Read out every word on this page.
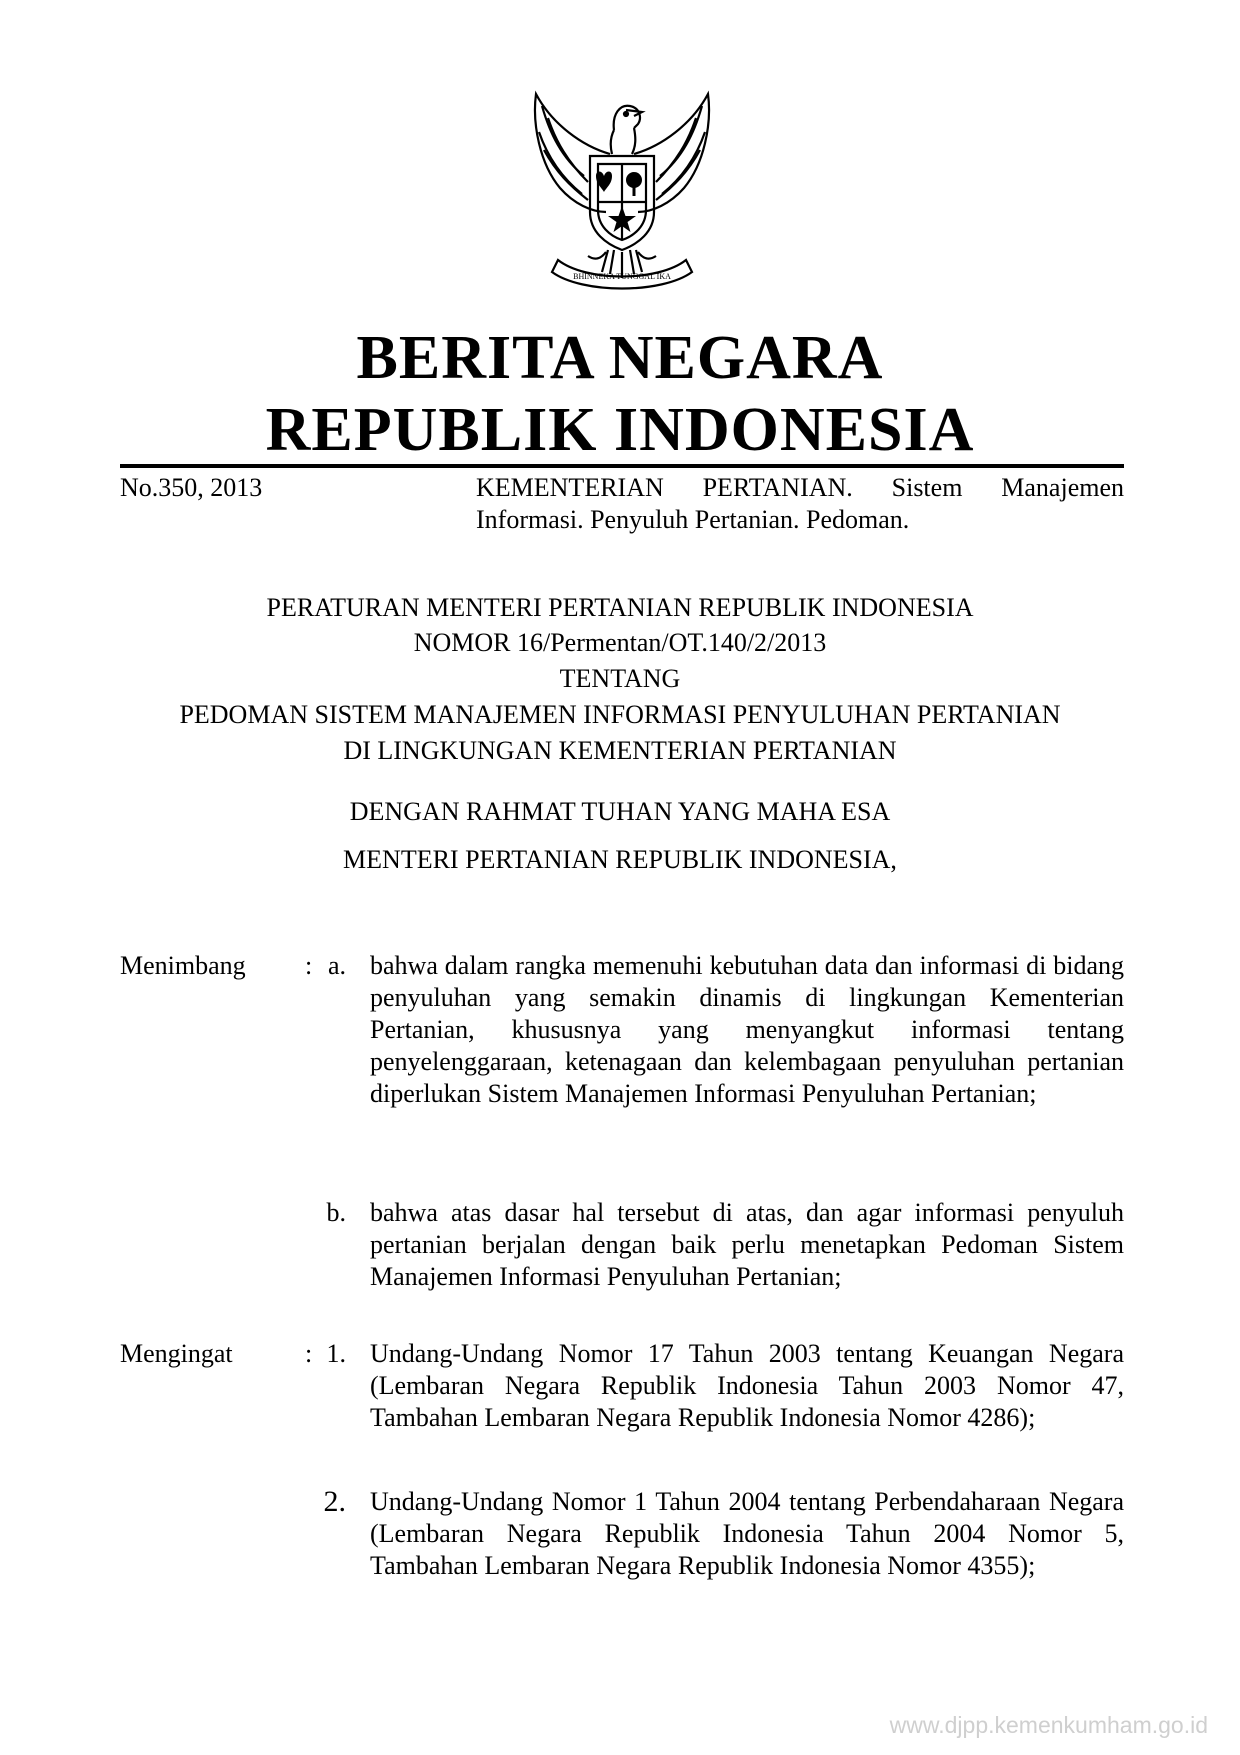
BHINNEKA TUNGGAL IKA
BERITA NEGARA
REPUBLIK INDONESIA
No.350, 2013	KEMENTERIAN PERTANIAN. Sistem Manajemen
Informasi. Penyuluh Pertanian. Pedoman.
PERATURAN MENTERI PERTANIAN REPUBLIK INDONESIA
NOMOR 16/Permentan/OT.140/2/2013
TENTANG
PEDOMAN SISTEM MANAJEMEN INFORMASI PENYULUHAN PERTANIAN
DI LINGKUNGAN KEMENTERIAN PERTANIAN
DENGAN RAHMAT TUHAN YANG MAHA ESA
MENTERI PERTANIAN REPUBLIK INDONESIA,
Menimbang : a. bahwa dalam rangka memenuhi kebutuhan data dan informasi di bidang penyuluhan yang semakin dinamis di lingkungan Kementerian Pertanian, khususnya yang menyangkut informasi tentang penyelenggaraan, ketenagaan dan kelembagaan penyuluhan pertanian diperlukan Sistem Manajemen Informasi Penyuluhan Pertanian;
b. bahwa atas dasar hal tersebut di atas, dan agar informasi penyuluh pertanian berjalan dengan baik perlu menetapkan Pedoman Sistem Manajemen Informasi Penyuluhan Pertanian;
Mengingat	: 1. Undang-Undang Nomor 17 Tahun 2003 tentang Keuangan Negara (Lembaran Negara Republik Indonesia Tahun 2003 Nomor 47, Tambahan Lembaran Negara Republik Indonesia Nomor 4286);
2. Undang-Undang Nomor 1 Tahun 2004 tentang Perbendaharaan Negara (Lembaran Negara Republik Indonesia Tahun 2004 Nomor 5, Tambahan Lembaran Negara Republik Indonesia Nomor 4355);
www.djpp.kemenkumham.go.id
